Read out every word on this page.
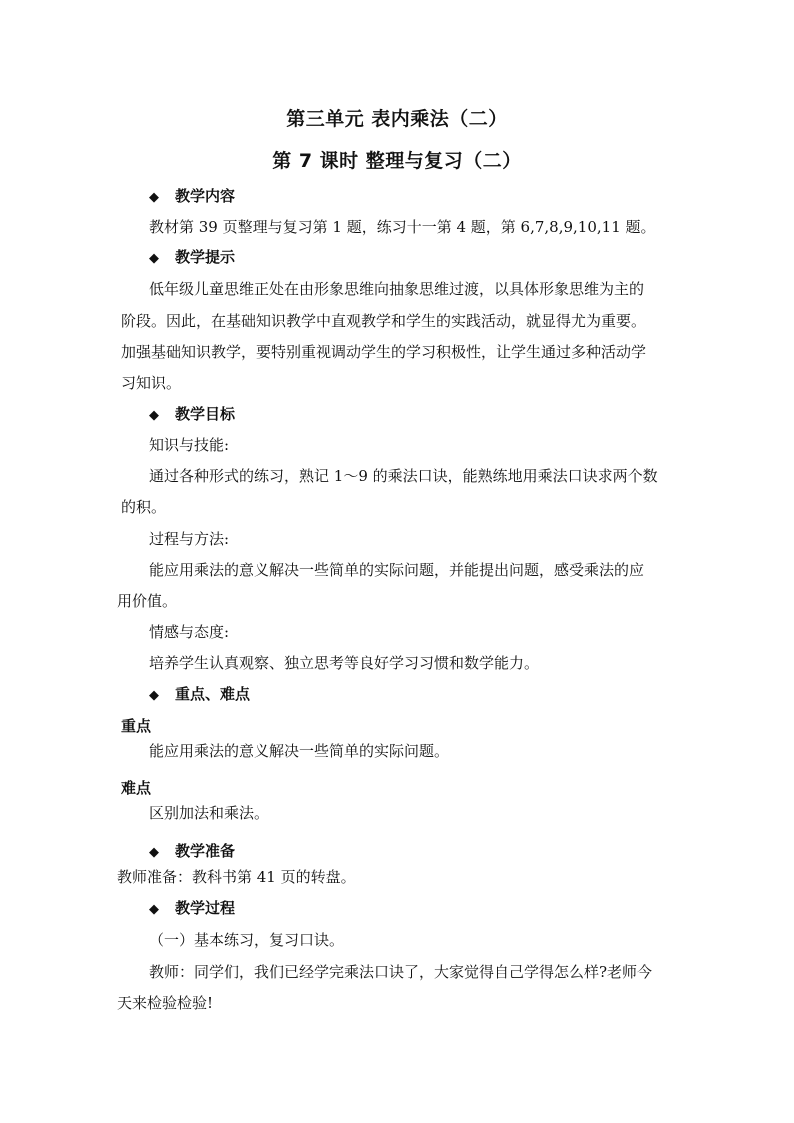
第三单元 表内乘法（二）
第 7 课时 整理与复习（二）
◆ 教学内容
教材第 39 页整理与复习第 1 题，练习十一第 4 题，第 6,7,8,9,10,11 题。
◆ 教学提示
低年级儿童思维正处在由形象思维向抽象思维过渡，以具体形象思维为主的
阶段。因此，在基础知识教学中直观教学和学生的实践活动，就显得尤为重要。
加强基础知识教学，要特别重视调动学生的学习积极性，让学生通过多种活动学
习知识。
◆ 教学目标
知识与技能:
通过各种形式的练习，熟记 1～9 的乘法口诀，能熟练地用乘法口诀求两个数
的积。
过程与方法:
能应用乘法的意义解决一些简单的实际问题，并能提出问题，感受乘法的应
用价值。
情感与态度:
培养学生认真观察、独立思考等良好学习习惯和数学能力。
◆ 重点、难点
重点
能应用乘法的意义解决一些简单的实际问题。
难点
区别加法和乘法。
◆ 教学准备
教师准备：教科书第 41 页的转盘。
◆ 教学过程
（一）基本练习，复习口诀。
教师：同学们，我们已经学完乘法口诀了，大家觉得自己学得怎么样?老师今
天来检验检验!
